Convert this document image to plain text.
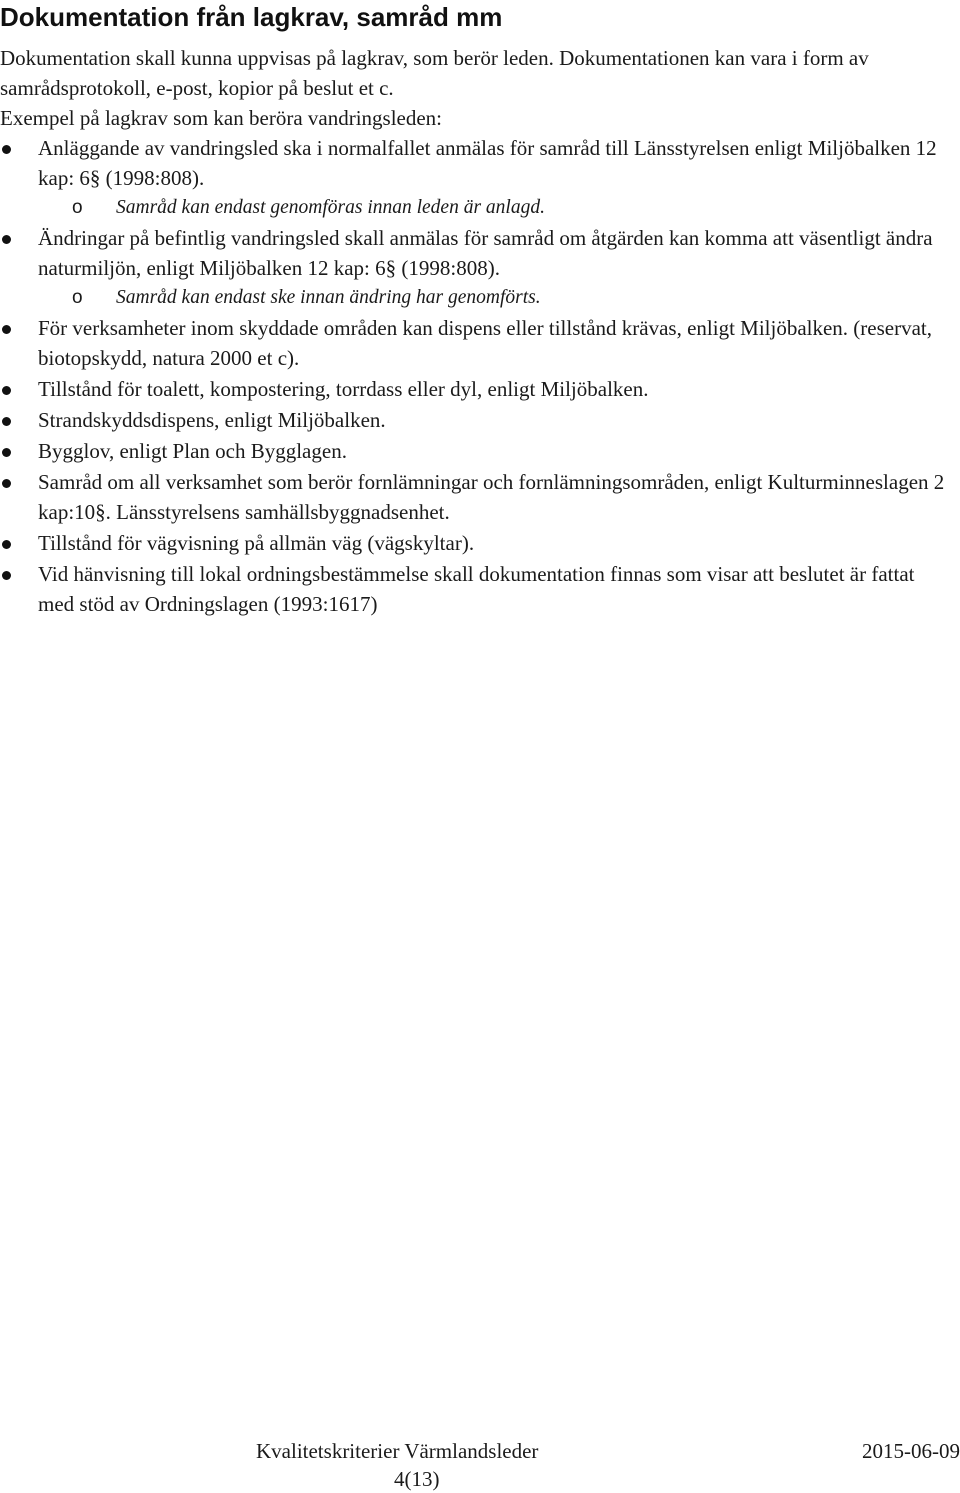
Dokumentation från lagkrav, samråd mm

Dokumentation skall kunna uppvisas på lagkrav, som berör leden. Dokumentationen kan vara i form av samrådsprotokoll, e-post, kopior på beslut et c.

Exempel på lagkrav som kan beröra vandringsleden:

Anläggande av vandringsled ska i normalfallet anmälas för samråd till Länsstyrelsen enligt Miljöbalken 12 kap: 6§ (1998:808).
o Samråd kan endast genomföras innan leden är anlagd.
Ändringar på befintlig vandringsled skall anmälas för samråd om åtgärden kan komma att väsentligt ändra naturmiljön, enligt Miljöbalken 12 kap: 6§ (1998:808).
o Samråd kan endast ske innan ändring har genomförts.
För verksamheter inom skyddade områden kan dispens eller tillstånd krävas, enligt Miljöbalken. (reservat, biotopskydd, natura 2000 et c).
Tillstånd för toalett, kompostering, torrdass eller dyl, enligt Miljöbalken.
Strandskyddsdispens, enligt Miljöbalken.
Bygglov, enligt Plan och Bygglagen.
Samråd om all verksamhet som berör fornlämningar och fornlämningsområden, enligt Kulturminneslagen 2 kap:10§. Länsstyrelsens samhällsbyggnadsenhet.
Tillstånd för vägvisning på allmän väg (vägskyltar).
Vid hänvisning till lokal ordningsbestämmelse skall dokumentation finnas som visar att beslutet är fattat med stöd av Ordningslagen (1993:1617)
Kvalitetskriterier Värmlandsleder	2015-06-09
4(13)
